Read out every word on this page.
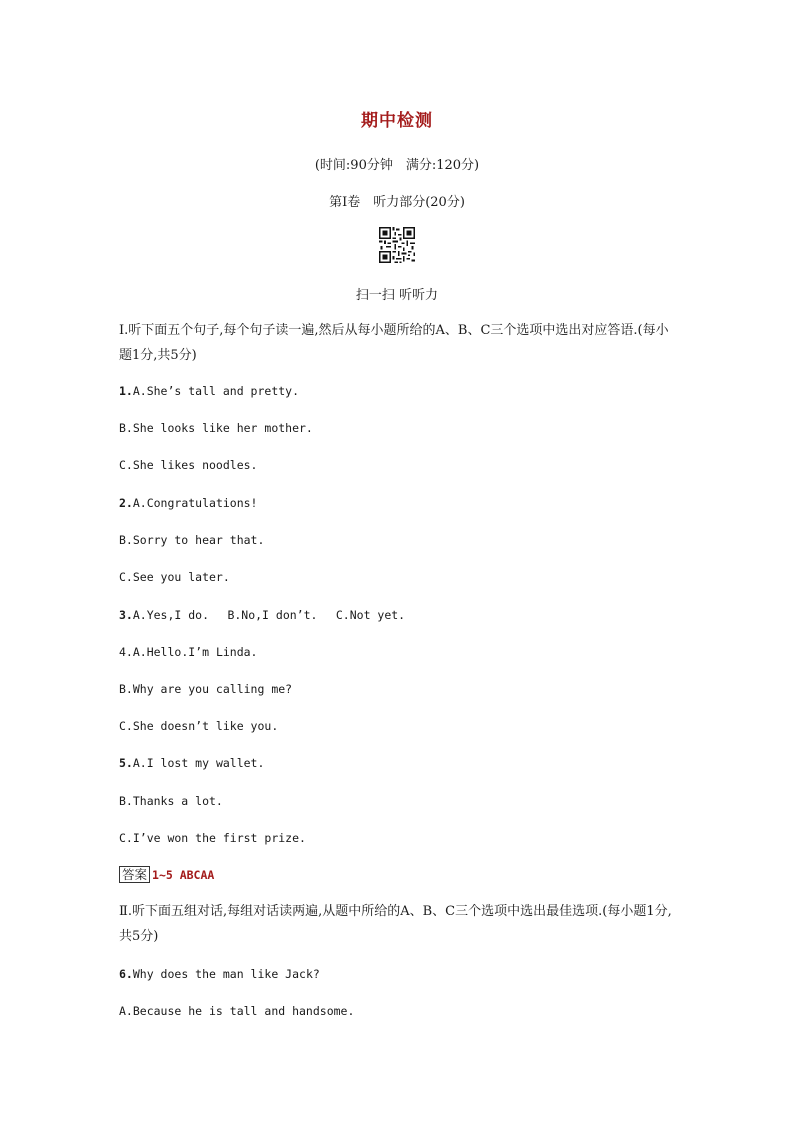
期中检测
(时间:90分钟　满分:120分)
第Ⅰ卷　听力部分(20分)
扫一扫 听听力
Ⅰ.听下面五个句子,每个句子读一遍,然后从每小题所给的A、B、C三个选项中选出对应答语.(每小题1分,共5分)
1.A.She’s tall and pretty.
B.She looks like her mother.
C.She likes noodles.
2.A.Congratulations!
B.Sorry to hear that.
C.See you later.
3.A.Yes,I do.　 B.No,I don’t.　 C.Not yet.
4.A.Hello.I’m Linda.
B.Why are you calling me?
C.She doesn’t like you.
5.A.I lost my wallet.
B.Thanks a lot.
C.I’ve won the first prize.
答案 1~5 ABCAA
Ⅱ.听下面五组对话,每组对话读两遍,从题中所给的A、B、C三个选项中选出最佳选项.(每小题1分,共5分)
6.Why does the man like Jack?
A.Because he is tall and handsome.
